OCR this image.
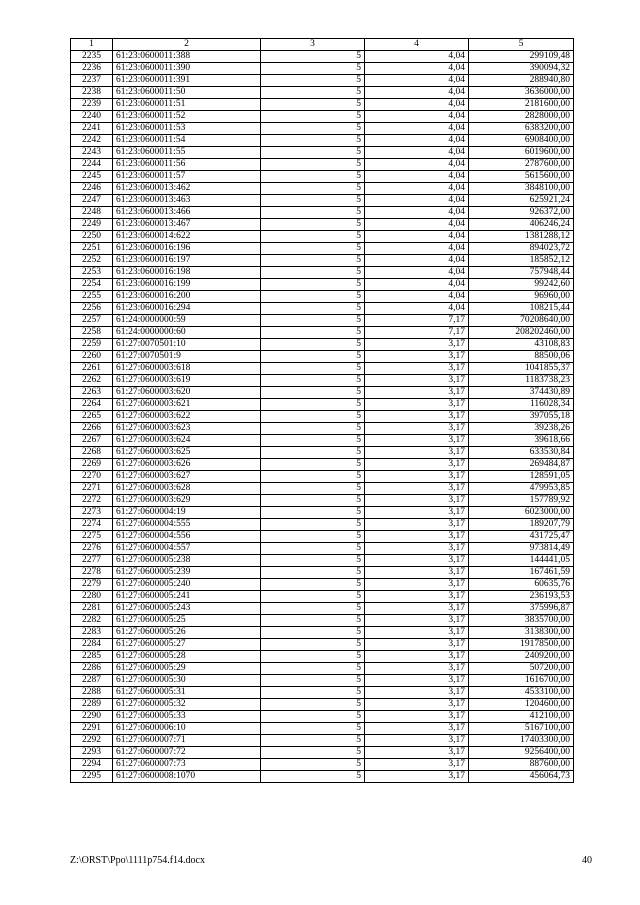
1	2	3	4	5
2235	61:23:0600011:388	5	4,04	299109,48
2236	61:23:0600011:390	5	4,04	390094,32
2237	61:23:0600011:391	5	4,04	288940,80
2238	61:23:0600011:50	5	4,04	3636000,00
2239	61:23:0600011:51	5	4,04	2181600,00
2240	61:23:0600011:52	5	4,04	2828000,00
2241	61:23:0600011:53	5	4,04	6383200,00
2242	61:23:0600011:54	5	4,04	6908400,00
2243	61:23:0600011:55	5	4,04	6019600,00
2244	61:23:0600011:56	5	4,04	2787600,00
2245	61:23:0600011:57	5	4,04	5615600,00
2246	61:23:0600013:462	5	4,04	3848100,00
2247	61:23:0600013:463	5	4,04	625921,24
2248	61:23:0600013:466	5	4,04	926372,00
2249	61:23:0600013:467	5	4,04	406246,24
2250	61:23:0600014:622	5	4,04	1381288,12
2251	61:23:0600016:196	5	4,04	894023,72
2252	61:23:0600016:197	5	4,04	185852,12
2253	61:23:0600016:198	5	4,04	757948,44
2254	61:23:0600016:199	5	4,04	99242,60
2255	61:23:0600016:200	5	4,04	96960,00
2256	61:23:0600016:294	5	4,04	108215,44
2257	61:24:0000000:59	5	7,17	70208640,00
2258	61:24:0000000:60	5	7,17	208202460,00
2259	61:27:0070501:10	5	3,17	43108,83
2260	61:27:0070501:9	5	3,17	88500,06
2261	61:27:0600003:618	5	3,17	1041855,37
2262	61:27:0600003:619	5	3,17	1183738,23
2263	61:27:0600003:620	5	3,17	374430,89
2264	61:27:0600003:621	5	3,17	116028,34
2265	61:27:0600003:622	5	3,17	397055,18
2266	61:27:0600003:623	5	3,17	39238,26
2267	61:27:0600003:624	5	3,17	39618,66
2268	61:27:0600003:625	5	3,17	633530,84
2269	61:27:0600003:626	5	3,17	269484,87
2270	61:27:0600003:627	5	3,17	128591,05
2271	61:27:0600003:628	5	3,17	479953,85
2272	61:27:0600003:629	5	3,17	157789,92
2273	61:27:0600004:19	5	3,17	6023000,00
2274	61:27:0600004:555	5	3,17	189207,79
2275	61:27:0600004:556	5	3,17	431725,47
2276	61:27:0600004:557	5	3,17	973814,49
2277	61:27:0600005:238	5	3,17	144441,05
2278	61:27:0600005:239	5	3,17	167461,59
2279	61:27:0600005:240	5	3,17	60635,76
2280	61:27:0600005:241	5	3,17	236193,53
2281	61:27:0600005:243	5	3,17	375996,87
2282	61:27:0600005:25	5	3,17	3835700,00
2283	61:27:0600005:26	5	3,17	3138300,00
2284	61:27:0600005:27	5	3,17	19178500,00
2285	61:27:0600005:28	5	3,17	2409200,00
2286	61:27:0600005:29	5	3,17	507200,00
2287	61:27:0600005:30	5	3,17	1616700,00
2288	61:27:0600005:31	5	3,17	4533100,00
2289	61:27:0600005:32	5	3,17	1204600,00
2290	61:27:0600005:33	5	3,17	412100,00
2291	61:27:0600006:10	5	3,17	5167100,00
2292	61:27:0600007:71	5	3,17	17403300,00
2293	61:27:0600007:72	5	3,17	9256400,00
2294	61:27:0600007:73	5	3,17	887600,00
2295	61:27:0600008:1070	5	3,17	456064,73
Z:\ORST\Ppo\1111p754.f14.docx	40
